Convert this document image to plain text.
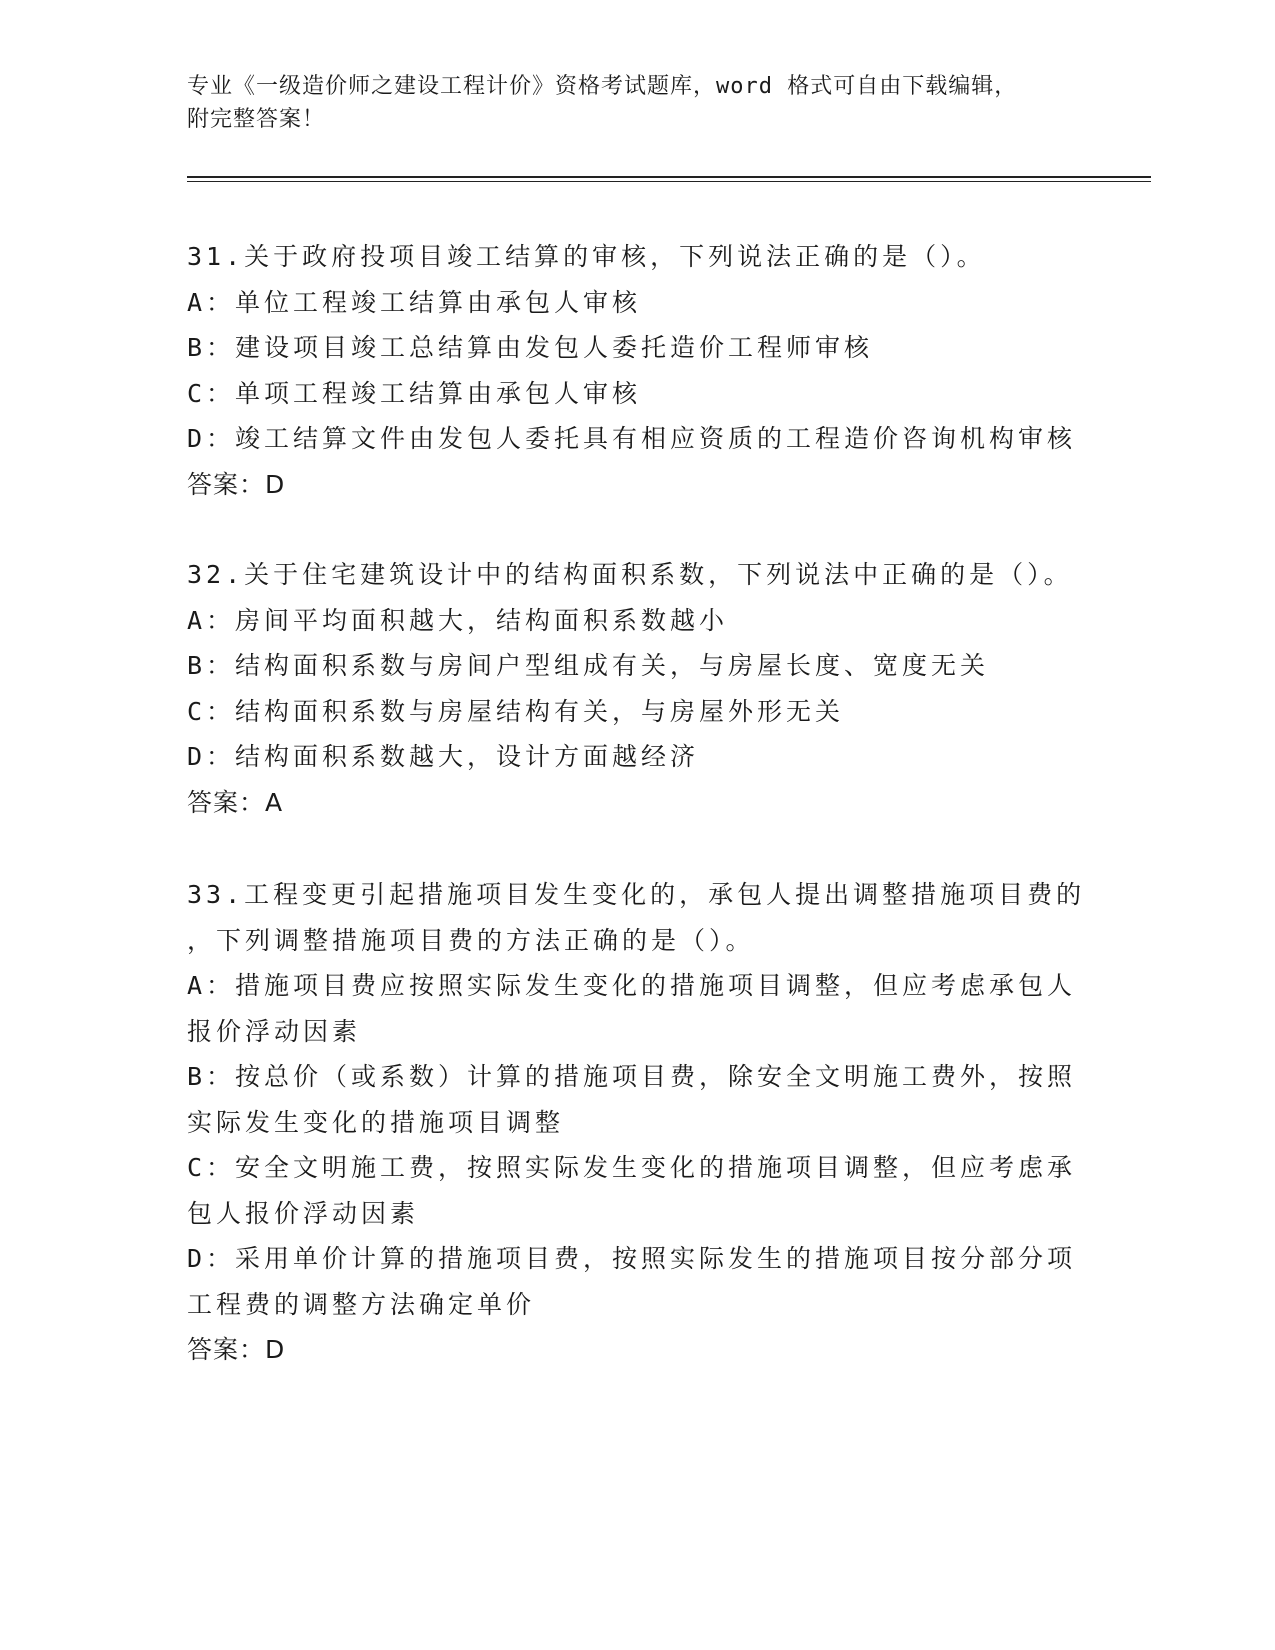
专业《一级造价师之建设工程计价》资格考试题库，word 格式可自由下载编辑，
附完整答案！

31.关于政府投项目竣工结算的审核，下列说法正确的是（）。

A：单位工程竣工结算由承包人审核

B：建设项目竣工总结算由发包人委托造价工程师审核

C：单项工程竣工结算由承包人审核

D：竣工结算文件由发包人委托具有相应资质的工程造价咨询机构审核

答案：D

32.关于住宅建筑设计中的结构面积系数，下列说法中正确的是（）。

A：房间平均面积越大，结构面积系数越小

B：结构面积系数与房间户型组成有关，与房屋长度、宽度无关

C：结构面积系数与房屋结构有关，与房屋外形无关

D：结构面积系数越大，设计方面越经济

答案：A

33.工程变更引起措施项目发生变化的，承包人提出调整措施项目费的

，下列调整措施项目费的方法正确的是（）。

A：措施项目费应按照实际发生变化的措施项目调整，但应考虑承包人

报价浮动因素

B：按总价（或系数）计算的措施项目费，除安全文明施工费外，按照

实际发生变化的措施项目调整

C：安全文明施工费，按照实际发生变化的措施项目调整，但应考虑承

包人报价浮动因素

D：采用单价计算的措施项目费，按照实际发生的措施项目按分部分项

工程费的调整方法确定单价

答案：D
